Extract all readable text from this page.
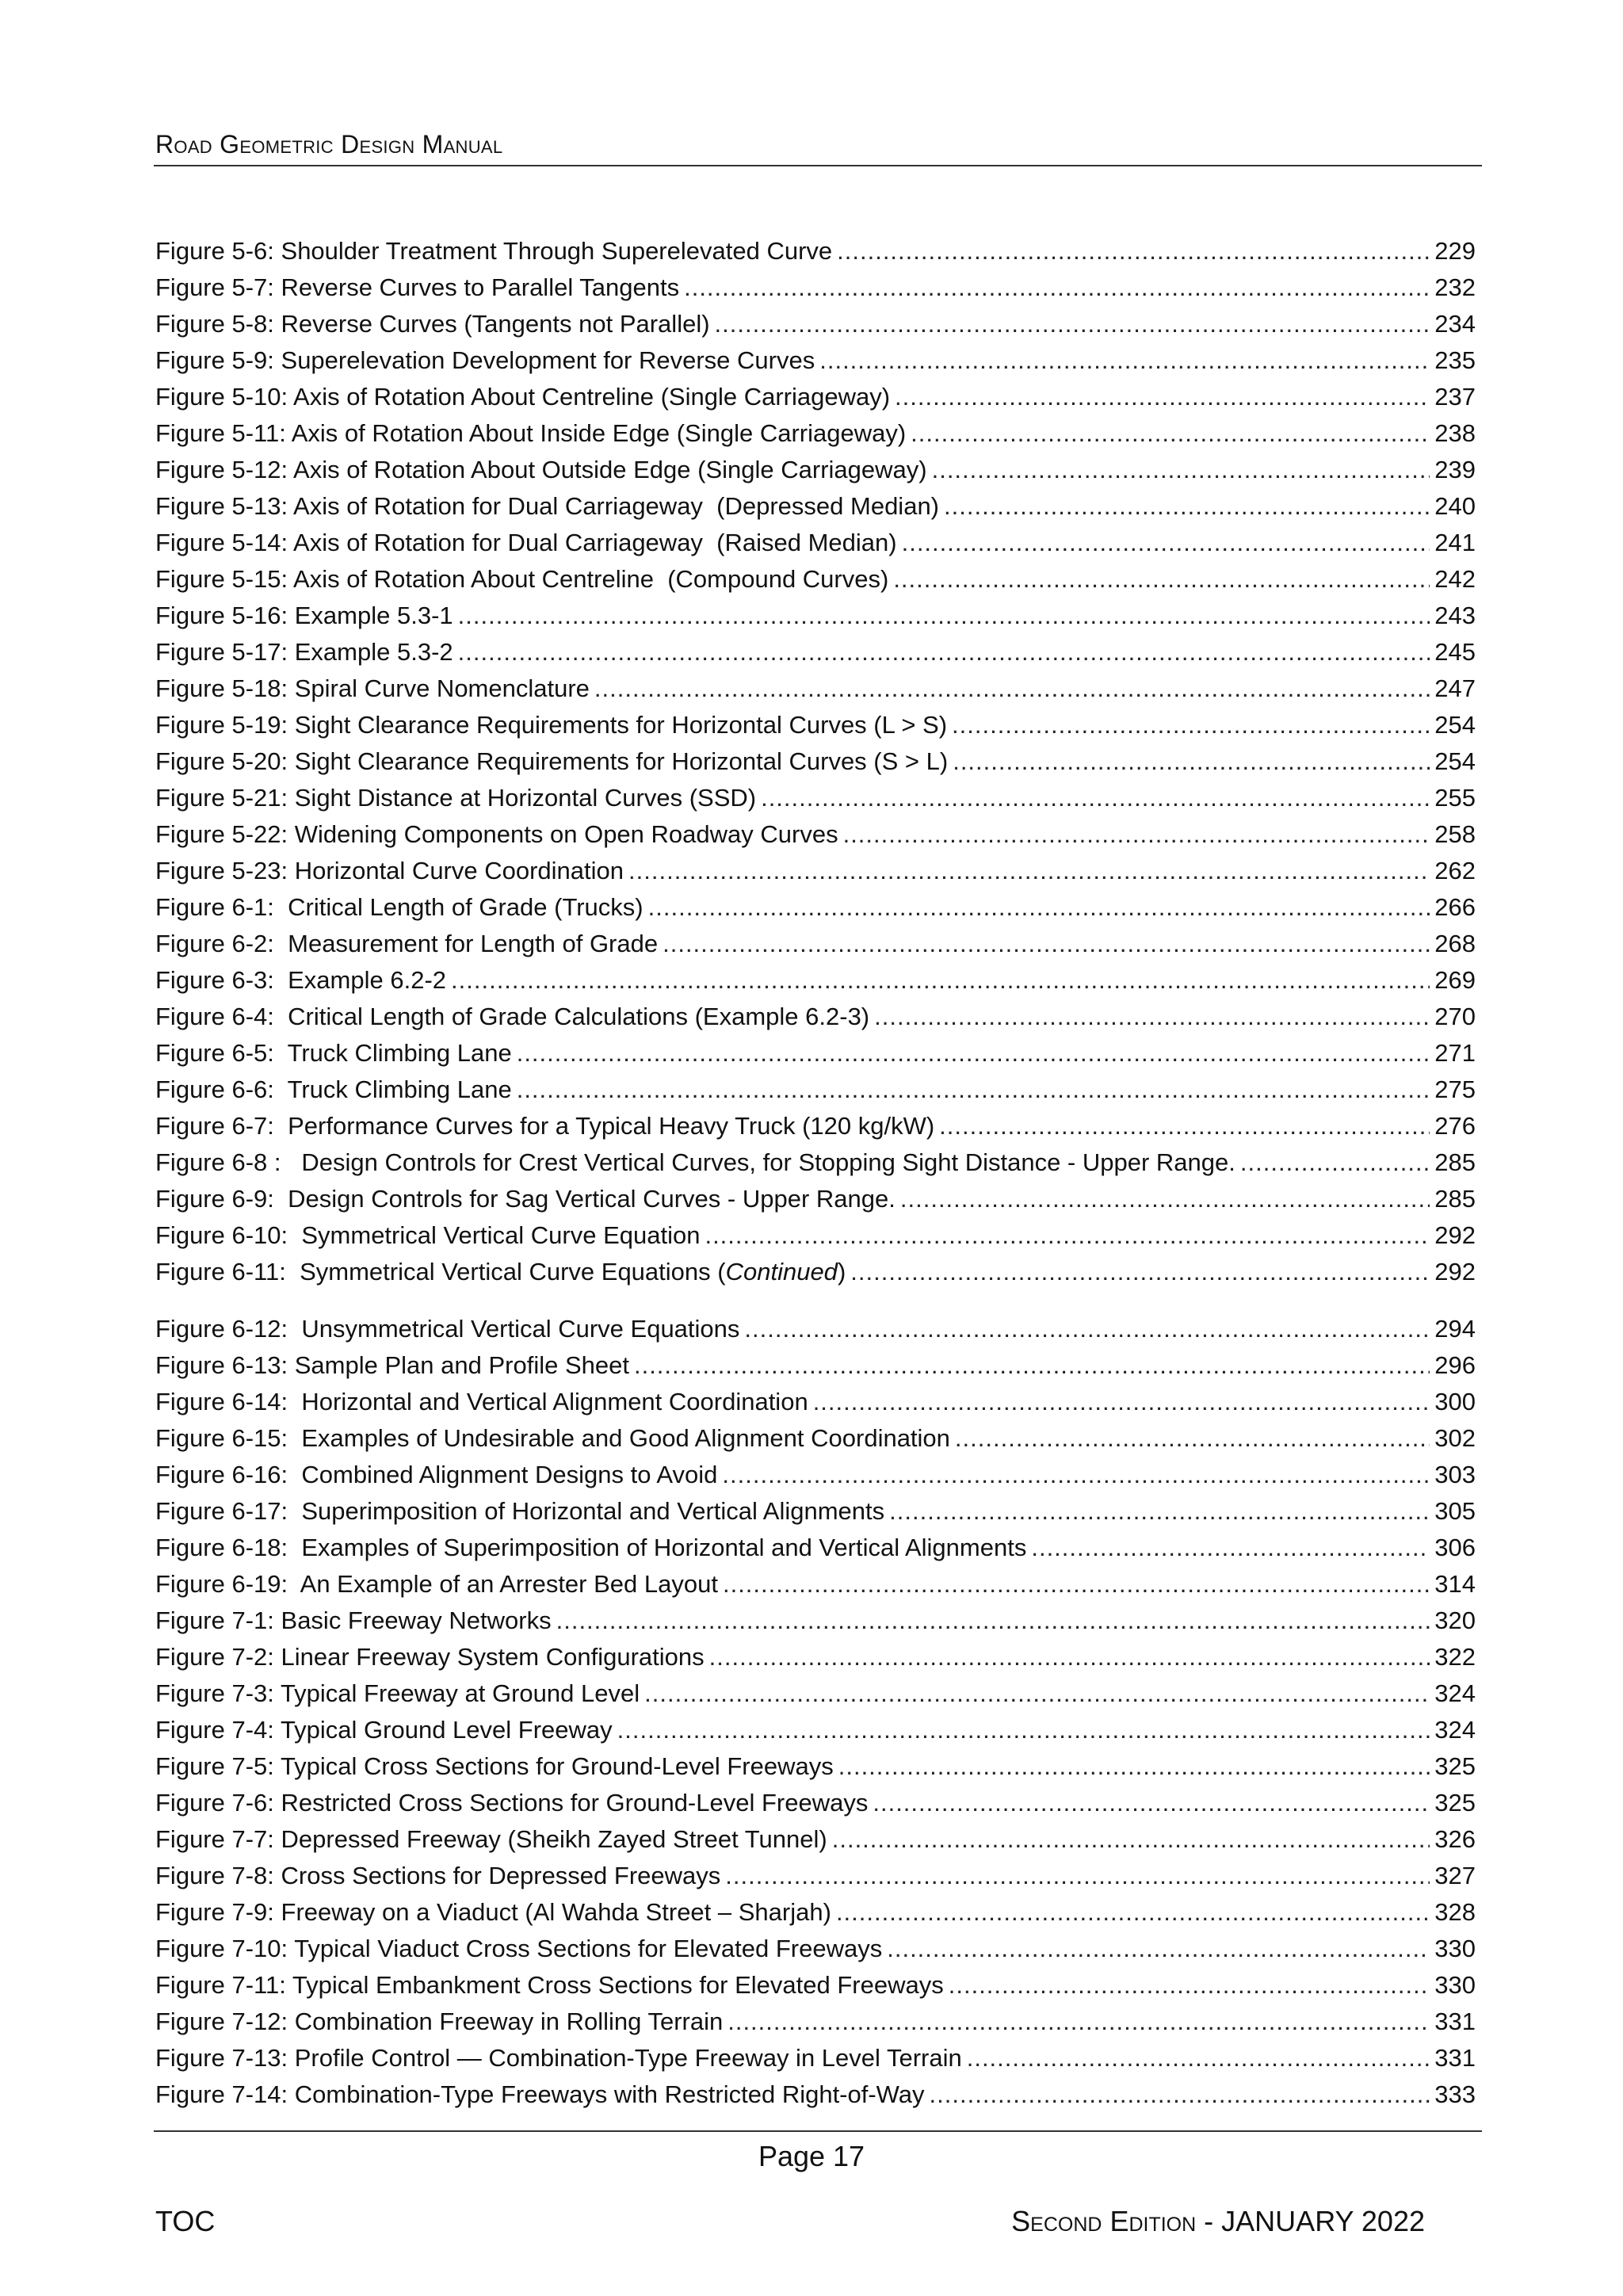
Road Geometric Design Manual
Figure 5-6: Shoulder Treatment Through Superelevated Curve .....	229
Figure 5-7: Reverse Curves to Parallel Tangents .....	232
Figure 5-8: Reverse Curves (Tangents not Parallel) .....	234
Figure 5-9: Superelevation Development for Reverse Curves .....	235
Figure 5-10: Axis of Rotation About Centreline (Single Carriageway) .....	237
Figure 5-11: Axis of Rotation About Inside Edge (Single Carriageway) .....	238
Figure 5-12: Axis of Rotation About Outside Edge (Single Carriageway) .....	239
Figure 5-13: Axis of Rotation for Dual Carriageway  (Depressed Median) .....	240
Figure 5-14: Axis of Rotation for Dual Carriageway  (Raised Median) .....	241
Figure 5-15: Axis of Rotation About Centreline  (Compound Curves) .....	242
Figure 5-16: Example 5.3-1 .....	243
Figure 5-17: Example 5.3-2 .....	245
Figure 5-18: Spiral Curve Nomenclature .....	247
Figure 5-19: Sight Clearance Requirements for Horizontal Curves (L > S) .....	254
Figure 5-20: Sight Clearance Requirements for Horizontal Curves (S > L) .....	254
Figure 5-21: Sight Distance at Horizontal Curves (SSD) .....	255
Figure 5-22: Widening Components on Open Roadway Curves .....	258
Figure 5-23: Horizontal Curve Coordination .....	262
Figure 6-1:  Critical Length of Grade (Trucks) .....	266
Figure 6-2:  Measurement for Length of Grade .....	268
Figure 6-3:  Example 6.2-2 .....	269
Figure 6-4:  Critical Length of Grade Calculations (Example 6.2-3) .....	270
Figure 6-5:  Truck Climbing Lane .....	271
Figure 6-6:  Truck Climbing Lane .....	275
Figure 6-7:  Performance Curves for a Typical Heavy Truck (120 kg/kW) .....	276
Figure 6-8 :   Design Controls for Crest Vertical Curves, for Stopping Sight Distance - Upper Range. .....	285
Figure 6-9:  Design Controls for Sag Vertical Curves - Upper Range. .....	285
Figure 6-10:  Symmetrical Vertical Curve Equation .....	292
Figure 6-11:  Symmetrical Vertical Curve Equations (Continued) .....	292
Figure 6-12:  Unsymmetrical Vertical Curve Equations .....	294
Figure 6-13: Sample Plan and Profile Sheet .....	296
Figure 6-14:  Horizontal and Vertical Alignment Coordination .....	300
Figure 6-15:  Examples of Undesirable and Good Alignment Coordination .....	302
Figure 6-16:  Combined Alignment Designs to Avoid .....	303
Figure 6-17:  Superimposition of Horizontal and Vertical Alignments .....	305
Figure 6-18:  Examples of Superimposition of Horizontal and Vertical Alignments .....	306
Figure 6-19:  An Example of an Arrester Bed Layout .....	314
Figure 7-1: Basic Freeway Networks .....	320
Figure 7-2: Linear Freeway System Configurations .....	322
Figure 7-3: Typical Freeway at Ground Level .....	324
Figure 7-4: Typical Ground Level Freeway .....	324
Figure 7-5: Typical Cross Sections for Ground-Level Freeways .....	325
Figure 7-6: Restricted Cross Sections for Ground-Level Freeways .....	325
Figure 7-7: Depressed Freeway (Sheikh Zayed Street Tunnel) .....	326
Figure 7-8: Cross Sections for Depressed Freeways .....	327
Figure 7-9: Freeway on a Viaduct (Al Wahda Street – Sharjah) .....	328
Figure 7-10: Typical Viaduct Cross Sections for Elevated Freeways .....	330
Figure 7-11: Typical Embankment Cross Sections for Elevated Freeways .....	330
Figure 7-12: Combination Freeway in Rolling Terrain .....	331
Figure 7-13: Profile Control — Combination-Type Freeway in Level Terrain .....	331
Figure 7-14: Combination-Type Freeways with Restricted Right-of-Way .....	333
Page 17
TOC	Second Edition - JANUARY 2022
